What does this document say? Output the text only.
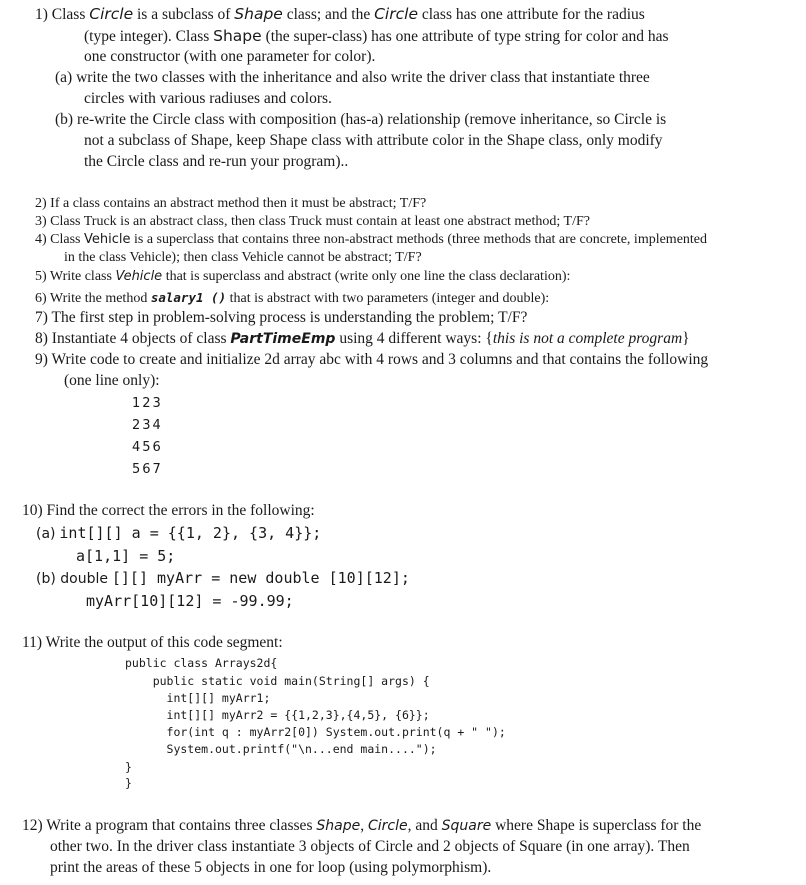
1) Class Circle is a subclass of Shape class; and the Circle class has one attribute for the radius
(type integer). Class Shape (the super-class) has one attribute of type string for color and has
one constructor (with one parameter for color).
(a) write the two classes with the inheritance and also write the driver class that instantiate three
circles with various radiuses and colors.
(b) re-write the Circle class with composition (has-a) relationship (remove inheritance, so Circle is
not a subclass of Shape, keep Shape class with attribute color in the Shape class, only modify
the Circle class and re-run your program)..
2) If a class contains an abstract method then it must be abstract; T/F?
3) Class Truck is an abstract class, then class Truck must contain at least one abstract method; T/F?
4) Class Vehicle is a superclass that contains three non-abstract methods (three methods that are concrete, implemented
in the class Vehicle); then class Vehicle cannot be abstract; T/F?
5) Write class Vehicle that is superclass and abstract (write only one line the class declaration):
6) Write the method salary1 () that is abstract with two parameters (integer and double):
7) The first step in problem-solving process is understanding the problem; T/F?
8) Instantiate 4 objects of class PartTimeEmp using 4 different ways: {this is not a complete program}
9) Write code to create and initialize 2d array abc with 4 rows and 3 columns and that contains the following
(one line only):
123
234
456
567
10) Find the correct the errors in the following:
(a) int[][] a = {{1, 2}, {3, 4}};
a[1,1] = 5;
(b) double [][] myArr = new double [10][12];
myArr[10][12] = -99.99;
11) Write the output of this code segment:
public class Arrays2d{
public static void main(String[] args) {
int[][] myArr1;
int[][] myArr2 = {{1,2,3},{4,5}, {6}};
for(int q : myArr2[0]) System.out.print(q + " ");
System.out.printf("\n...end main....");
}
}
12) Write a program that contains three classes Shape, Circle, and Square where Shape is superclass for the
other two. In the driver class instantiate 3 objects of Circle and 2 objects of Square (in one array). Then
print the areas of these 5 objects in one for loop (using polymorphism).
